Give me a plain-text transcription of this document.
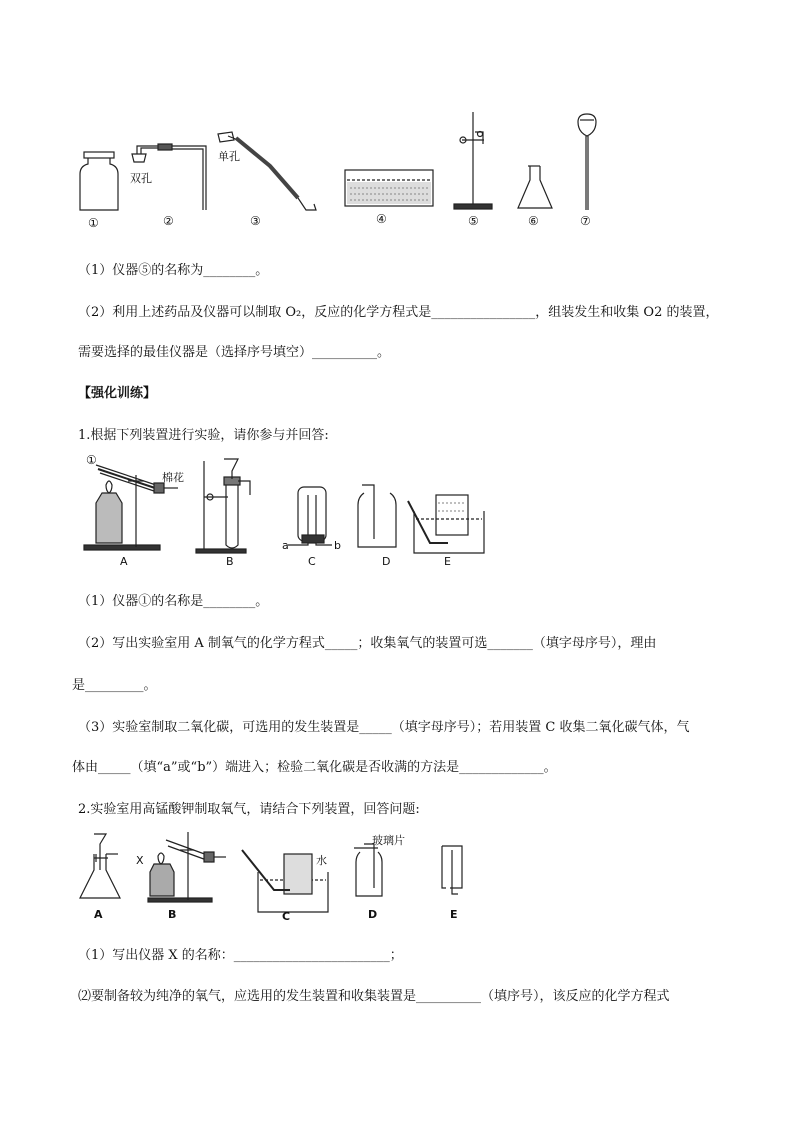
双孔
单孔
①	②	③	④	⑤	⑥	⑦
（1）仪器⑤的名称为________。
（2）利用上述药品及仪器可以制取 O₂，反应的化学方程式是________________，组装发生和收集 O2 的装置，
需要选择的最佳仪器是（选择序号填空）__________。
【强化训练】
1.根据下列装置进行实验，请你参与并回答:
①
棉花
a	b
A	B	C	D	E
（1）仪器①的名称是________。
（2）写出实验室用 A 制氧气的化学方程式_____；收集氧气的装置可选_______（填字母序号），理由
是_________。
（3）实验室制取二氧化碳，可选用的发生装置是_____（填字母序号）；若用装置 C 收集二氧化碳气体，气
体由_____（填“a”或“b”）端进入；检验二氧化碳是否收满的方法是_____________。
2.实验室用高锰酸钾制取氧气，请结合下列装置，回答问题:
X	水
玻璃片
A	B	C	D	E
（1）写出仪器 X 的名称：________________________；
⑵要制备较为纯净的氧气，应选用的发生装置和收集装置是__________（填序号），该反应的化学方程式
